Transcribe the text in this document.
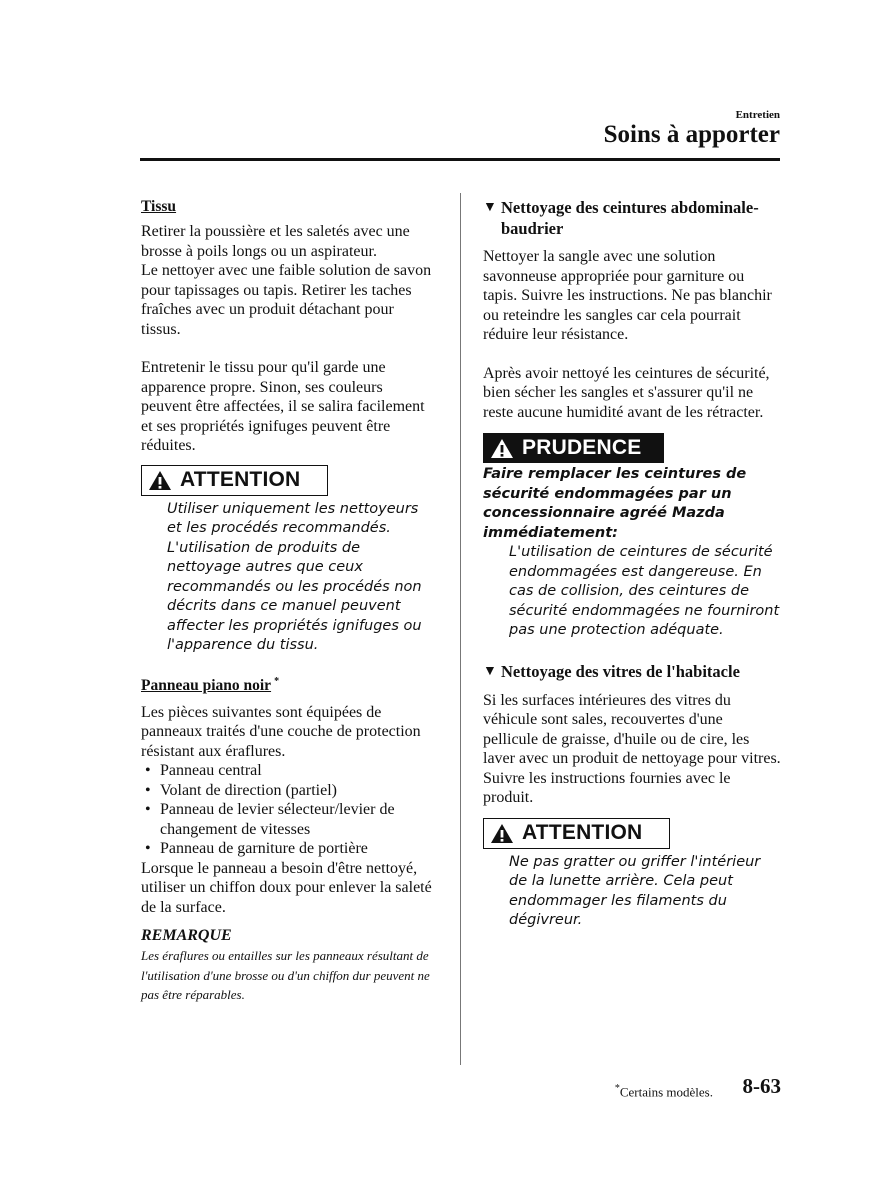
Entretien
Soins à apporter
Tissu

Retirer la poussière et les saletés avec une brosse à poils longs ou un aspirateur.

Le nettoyer avec une faible solution de savon pour tapissages ou tapis. Retirer les taches fraîches avec un produit détachant pour tissus.

Entretenir le tissu pour qu'il garde une apparence propre. Sinon, ses couleurs peuvent être affectées, il se salira facilement et ses propriétés ignifuges peuvent être réduites.

ATTENTION

Utiliser uniquement les nettoyeurs et les procédés recommandés. L'utilisation de produits de nettoyage autres que ceux recommandés ou les procédés non décrits dans ce manuel peuvent affecter les propriétés ignifuges ou l'apparence du tissu.

Panneau piano noir *

Les pièces suivantes sont équipées de panneaux traités d'une couche de protection résistant aux éraflures.

• Panneau central
• Volant de direction (partiel)
• Panneau de levier sélecteur/levier de changement de vitesses
• Panneau de garniture de portière

Lorsque le panneau a besoin d'être nettoyé, utiliser un chiffon doux pour enlever la saleté de la surface.

REMARQUE

Les éraflures ou entailles sur les panneaux résultant de l'utilisation d'une brosse ou d'un chiffon dur peuvent ne pas être réparables.

▼ Nettoyage des ceintures abdominale-baudrier

Nettoyer la sangle avec une solution savonneuse appropriée pour garniture ou tapis. Suivre les instructions. Ne pas blanchir ou reteindre les sangles car cela pourrait réduire leur résistance.

Après avoir nettoyé les ceintures de sécurité, bien sécher les sangles et s'assurer qu'il ne reste aucune humidité avant de les rétracter.

PRUDENCE

Faire remplacer les ceintures de sécurité endommagées par un concessionnaire agréé Mazda immédiatement:

L'utilisation de ceintures de sécurité endommagées est dangereuse. En cas de collision, des ceintures de sécurité endommagées ne fourniront pas une protection adéquate.

▼ Nettoyage des vitres de l'habitacle

Si les surfaces intérieures des vitres du véhicule sont sales, recouvertes d'une pellicule de graisse, d'huile ou de cire, les laver avec un produit de nettoyage pour vitres. Suivre les instructions fournies avec le produit.

ATTENTION

Ne pas gratter ou griffer l'intérieur de la lunette arrière. Cela peut endommager les filaments du dégivreur.

*Certains modèles. 8-63
